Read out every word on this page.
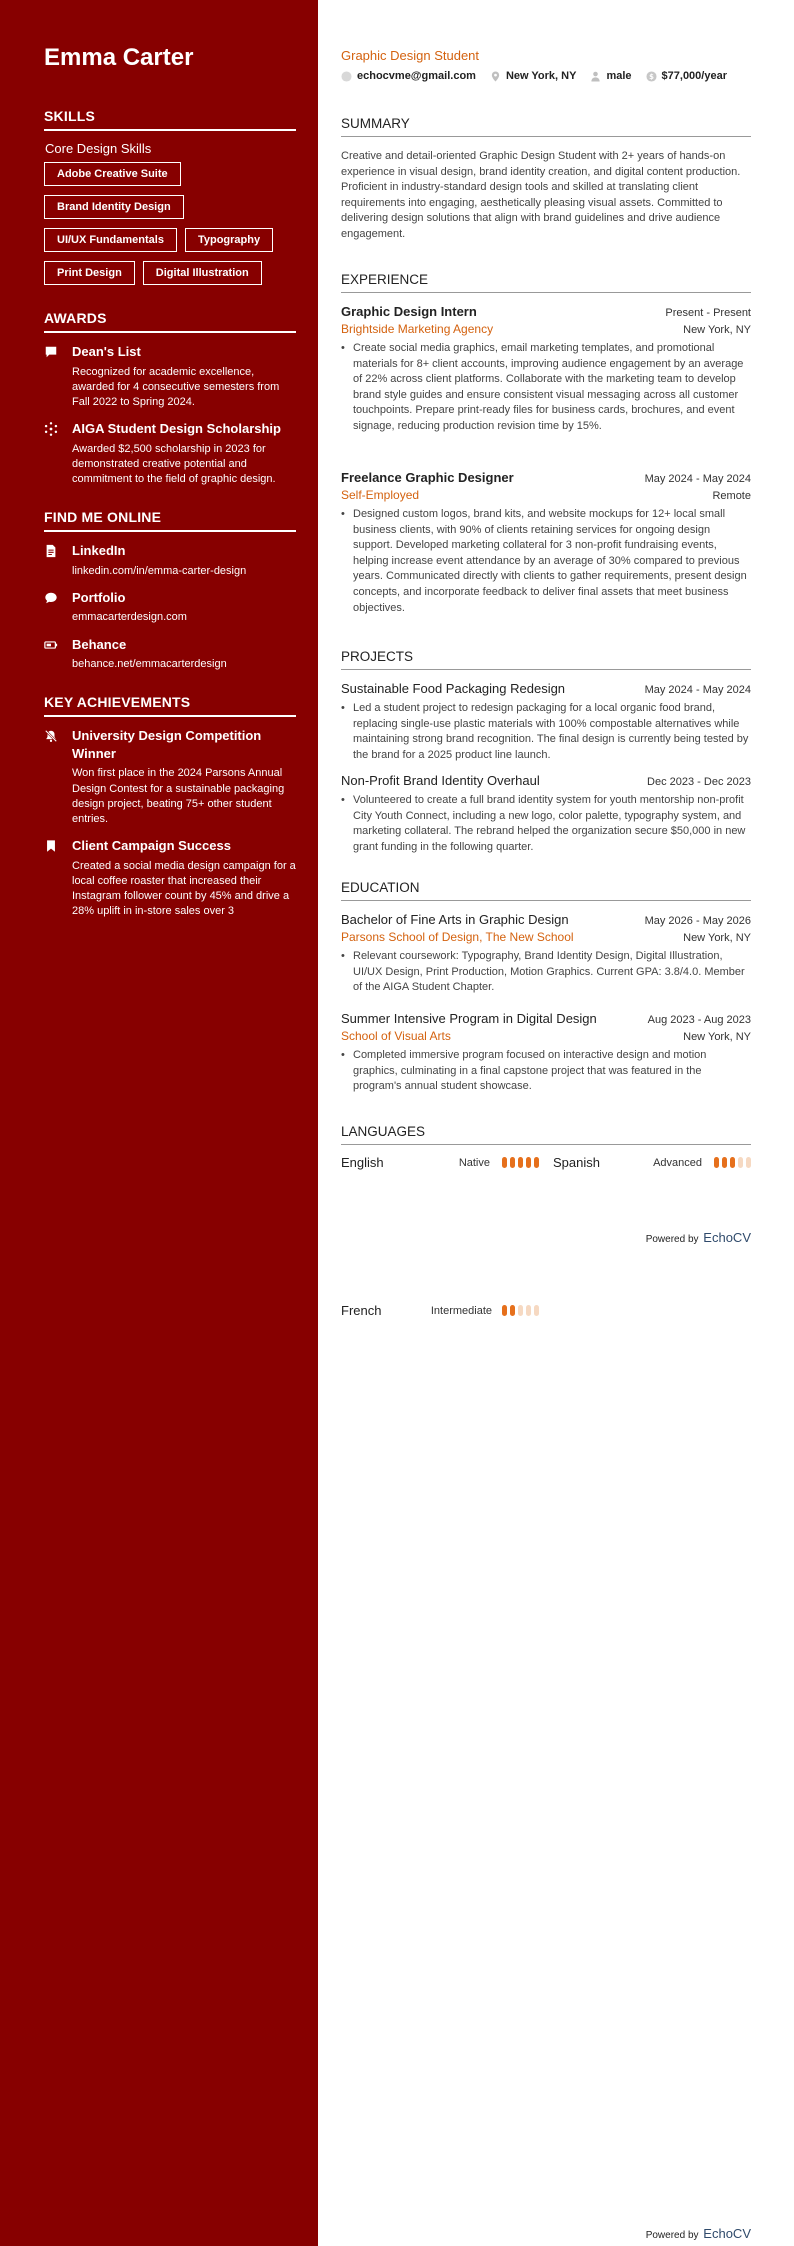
Emma Carter
SKILLS
Core Design Skills
Adobe Creative Suite
Brand Identity Design
UI/UX Fundamentals	Typography
Print Design	Digital Illustration
AWARDS
Dean's List
Recognized for academic excellence, awarded for 4 consecutive semesters from Fall 2022 to Spring 2024.
AIGA Student Design Scholarship
Awarded $2,500 scholarship in 2023 for demonstrated creative potential and commitment to the field of graphic design.
FIND ME ONLINE
LinkedIn
linkedin.com/in/emma-carter-design
Portfolio
emmacarterdesign.com
Behance
behance.net/emmacarterdesign
KEY ACHIEVEMENTS
University Design Competition Winner
Won first place in the 2024 Parsons Annual Design Contest for a sustainable packaging design project, beating 75+ other student entries.
Client Campaign Success
Created a social media design campaign for a local coffee roaster that increased their Instagram follower count by 45% and drive a 28% uplift in in-store sales over 3
Graphic Design Student
echocvme@gmail.com	New York, NY	male $ $77,000/year
SUMMARY
Creative and detail-oriented Graphic Design Student with 2+ years of hands-on experience in visual design, brand identity creation, and digital content production. Proficient in industry-standard design tools and skilled at translating client requirements into engaging, aesthetically pleasing visual assets. Committed to delivering design solutions that align with brand guidelines and drive audience engagement.
EXPERIENCE
Graphic Design Intern	Present - Present
Brightside Marketing Agency	New York, NY
• Create social media graphics, email marketing templates, and promotional materials for 8+ client accounts, improving audience engagement by an average of 22% across client platforms. Collaborate with the marketing team to develop brand style guides and ensure consistent visual messaging across all customer touchpoints. Prepare print-ready files for business cards, brochures, and event signage, reducing production revision time by 15%.
Freelance Graphic Designer	May 2024 - May 2024
Self-Employed	Remote
• Designed custom logos, brand kits, and website mockups for 12+ local small business clients, with 90% of clients retaining services for ongoing design support. Developed marketing collateral for 3 non-profit fundraising events, helping increase event attendance by an average of 30% compared to previous years. Communicated directly with clients to gather requirements, present design concepts, and incorporate feedback to deliver final assets that meet business objectives.
PROJECTS
Sustainable Food Packaging Redesign	May 2024 - May 2024
• Led a student project to redesign packaging for a local organic food brand, replacing single-use plastic materials with 100% compostable alternatives while maintaining strong brand recognition. The final design is currently being tested by the brand for a 2025 product line launch.
Non-Profit Brand Identity Overhaul	Dec 2023 - Dec 2023
• Volunteered to create a full brand identity system for youth mentorship non-profit City Youth Connect, including a new logo, color palette, typography system, and marketing collateral. The rebrand helped the organization secure $50,000 in new grant funding in the following quarter.
EDUCATION
Bachelor of Fine Arts in Graphic Design	May 2026 - May 2026
Parsons School of Design, The New School	New York, NY
• Relevant coursework: Typography, Brand Identity Design, Digital Illustration, UI/UX Design, Print Production, Motion Graphics. Current GPA: 3.8/4.0. Member of the AIGA Student Chapter.
Summer Intensive Program in Digital Design	Aug 2023 - Aug 2023
School of Visual Arts	New York, NY
• Completed immersive program focused on interactive design and motion graphics, culminating in a final capstone project that was featured in the program's annual student showcase.
LANGUAGES
English	Native	Spanish	Advanced
Powered by EchoCV
French	Intermediate
Powered by EchoCV
